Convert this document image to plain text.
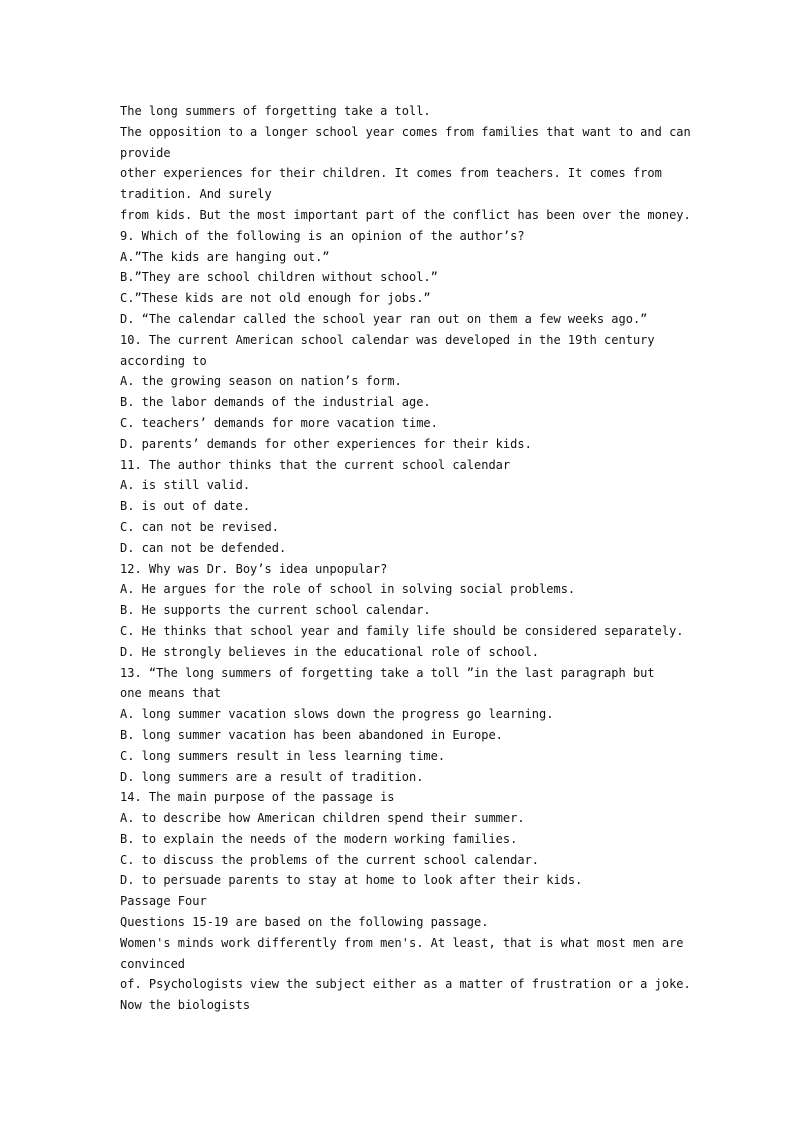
The long summers of forgetting take a toll.
The opposition to a longer school year comes from families that want to and can
provide
other experiences for their children. It comes from teachers. It comes from
tradition. And surely
from kids. But the most important part of the conflict has been over the money.
9. Which of the following is an opinion of the author’s?
A.”The kids are hanging out.”
B.”They are school children without school.”
C.”These kids are not old enough for jobs.”
D. “The calendar called the school year ran out on them a few weeks ago.”
10. The current American school calendar was developed in the 19th century
according to
A. the growing season on nation’s form.
B. the labor demands of the industrial age.
C. teachers’ demands for more vacation time.
D. parents’ demands for other experiences for their kids.
11. The author thinks that the current school calendar
A. is still valid.
B. is out of date.
C. can not be revised.
D. can not be defended.
12. Why was Dr. Boy’s idea unpopular?
A. He argues for the role of school in solving social problems.
B. He supports the current school calendar.
C. He thinks that school year and family life should be considered separately.
D. He strongly believes in the educational role of school.
13. “The long summers of forgetting take a toll ”in the last paragraph but
one means that
A. long summer vacation slows down the progress go learning.
B. long summer vacation has been abandoned in Europe.
C. long summers result in less learning time.
D. long summers are a result of tradition.
14. The main purpose of the passage is
A. to describe how American children spend their summer.
B. to explain the needs of the modern working families.
C. to discuss the problems of the current school calendar.
D. to persuade parents to stay at home to look after their kids.
Passage Four
Questions 15-19 are based on the following passage.
Women's minds work differently from men's. At least, that is what most men are
convinced
of. Psychologists view the subject either as a matter of frustration or a joke.
Now the biologists
